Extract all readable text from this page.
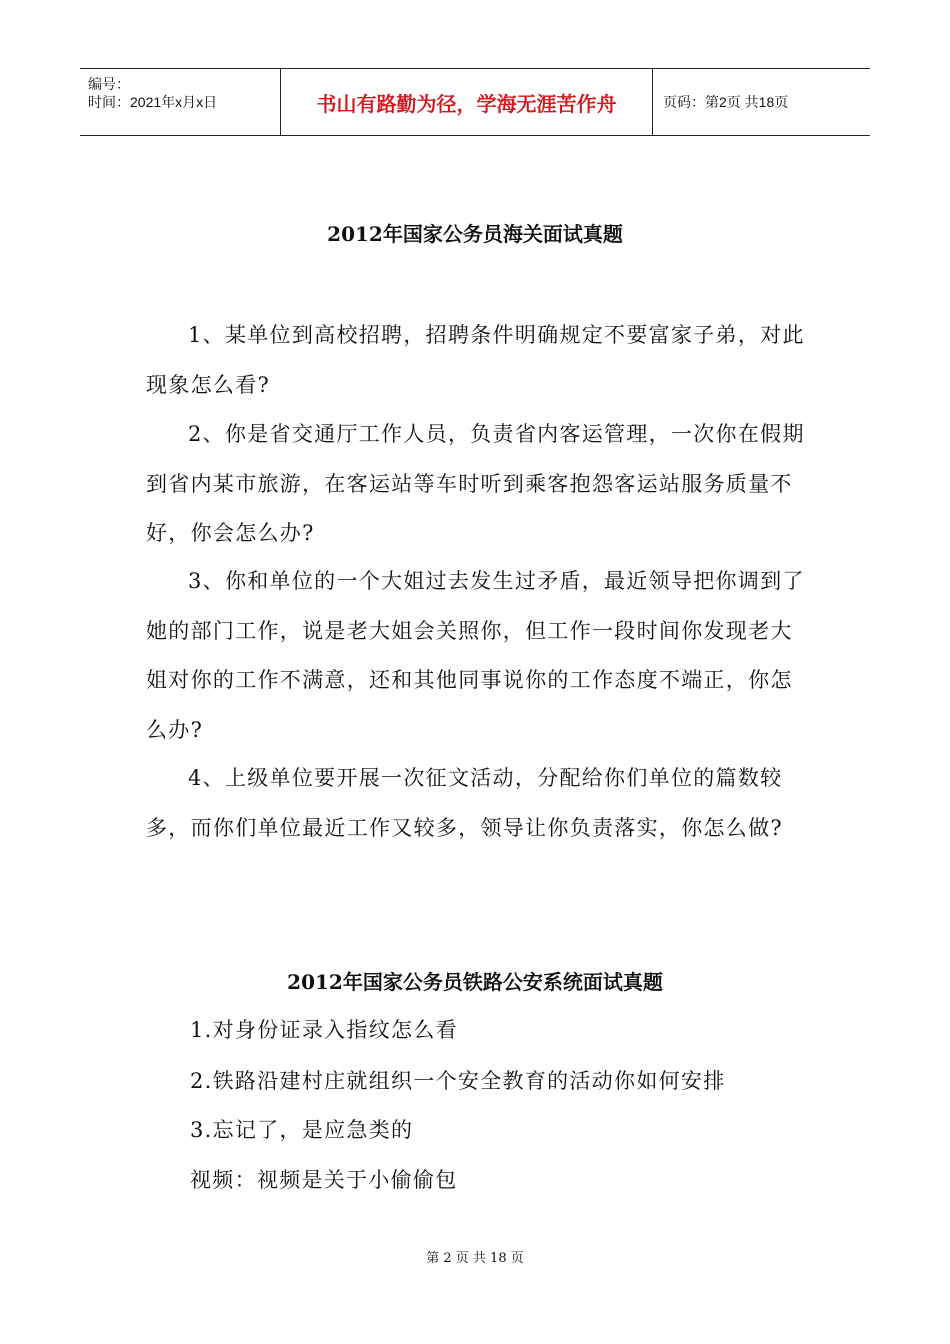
编号：
时间：2021年x月x日	书山有路勤为径，学海无涯苦作舟	页码：第2页 共18页
2012年国家公务员海关面试真题

1、某单位到高校招聘，招聘条件明确规定不要富家子弟，对此现象怎么看?

2、你是省交通厅工作人员，负责省内客运管理，一次你在假期到省内某市旅游，在客运站等车时听到乘客抱怨客运站服务质量不好，你会怎么办?

3、你和单位的一个大姐过去发生过矛盾，最近领导把你调到了她的部门工作，说是老大姐会关照你，但工作一段时间你发现老大姐对你的工作不满意，还和其他同事说你的工作态度不端正，你怎么办?

4、上级单位要开展一次征文活动，分配给你们单位的篇数较多，而你们单位最近工作又较多，领导让你负责落实，你怎么做?

2012年国家公务员铁路公安系统面试真题

1.对身份证录入指纹怎么看

2.铁路沿建村庄就组织一个安全教育的活动你如何安排

3.忘记了，是应急类的

视频：视频是关于小偷偷包

第 2 页 共 18 页
